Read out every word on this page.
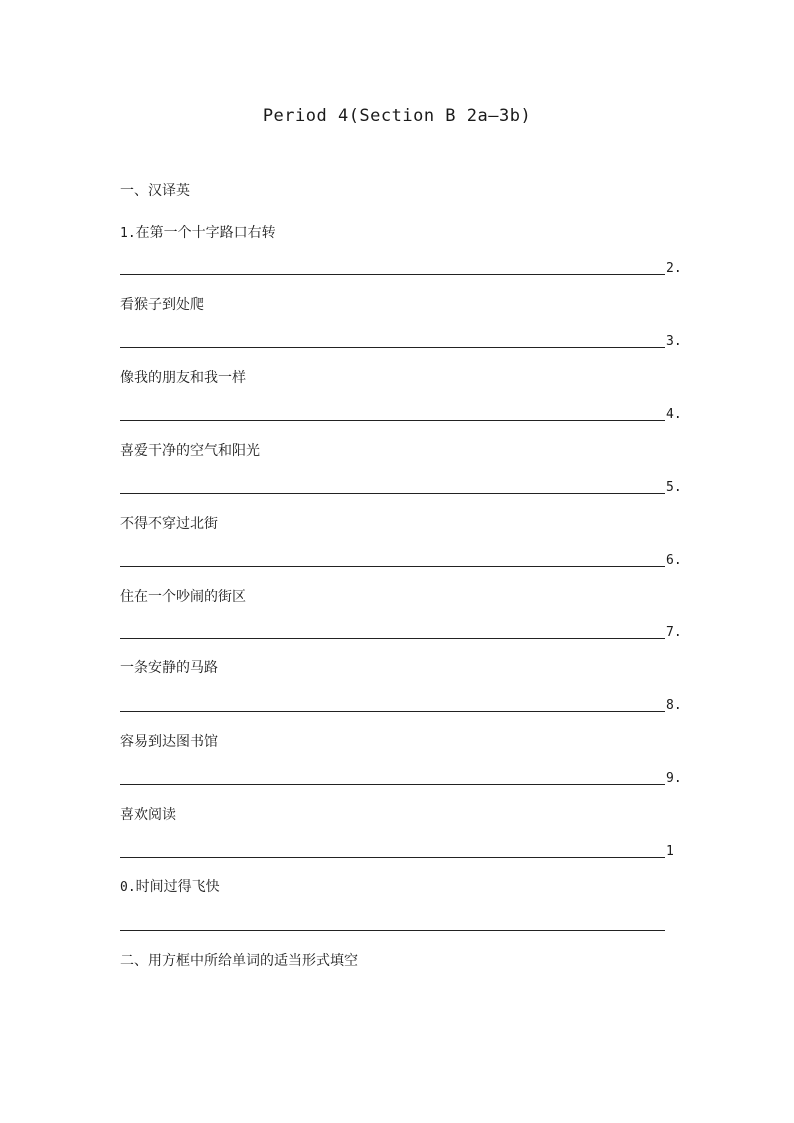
Period 4(Section B 2a—3b)
一、汉译英
1.在第一个十字路口右转
2.
看猴子到处爬
3.
像我的朋友和我一样
4.
喜爱干净的空气和阳光
5.
不得不穿过北街
6.
住在一个吵闹的街区
7.
一条安静的马路
8.
容易到达图书馆
9.
喜欢阅读
1
0.时间过得飞快
二、用方框中所给单词的适当形式填空
